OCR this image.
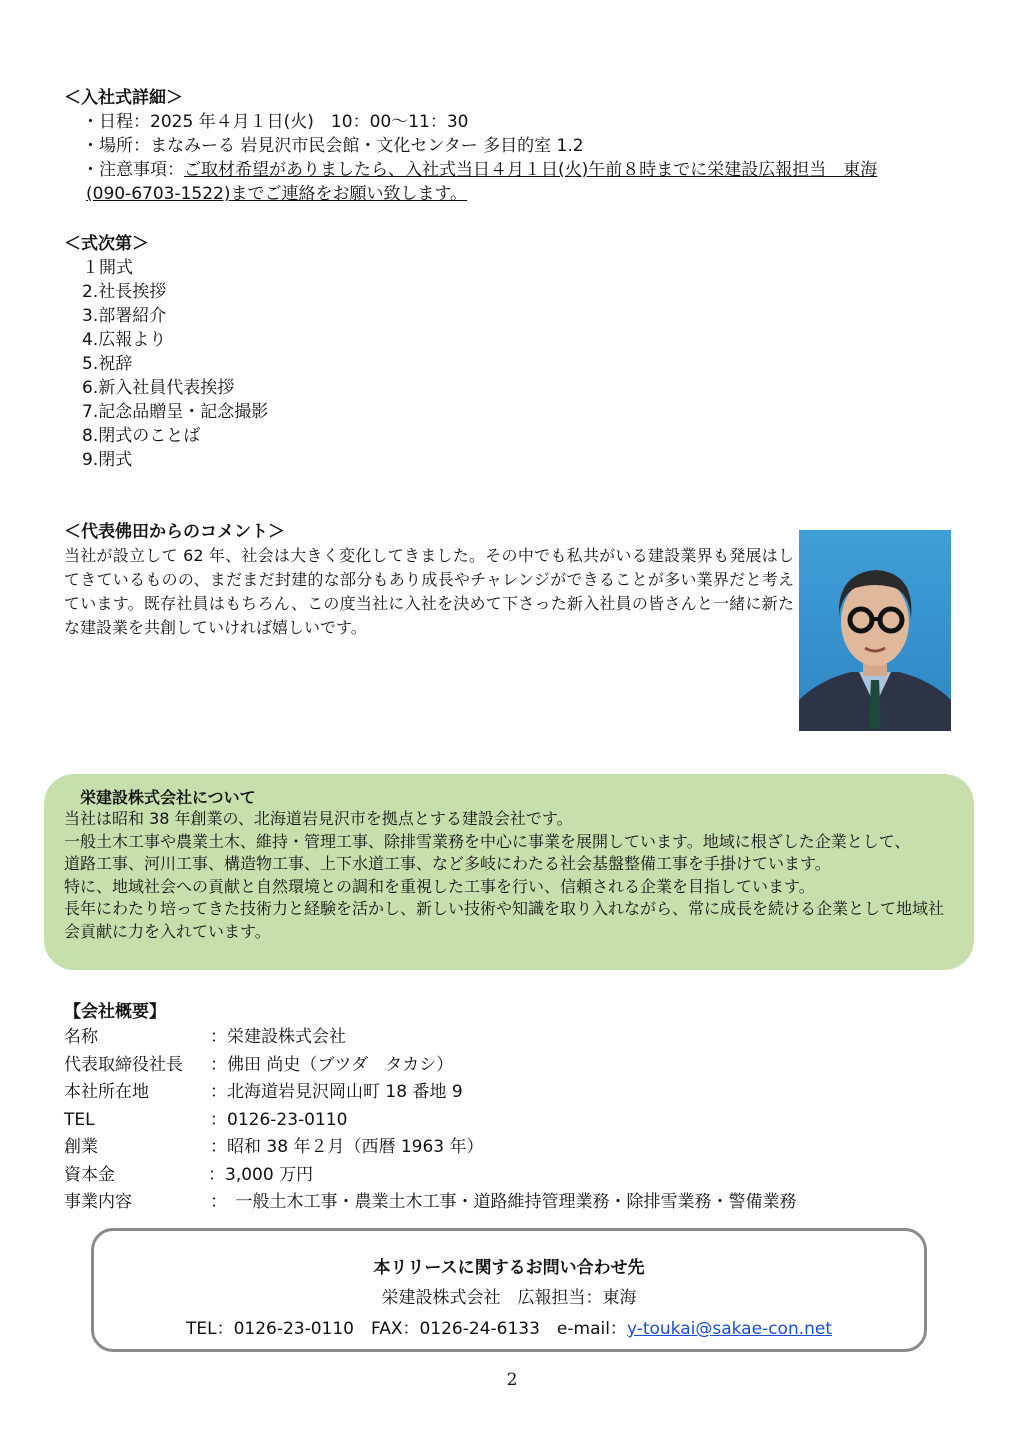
＜入社式詳細＞
・日程：2025 年４月１日(火)　10：00～11：30
・場所：まなみーる 岩見沢市民会館・文化センター 多目的室 1.2
・注意事項：ご取材希望がありましたら、入社式当日４月１日(火)午前８時までに栄建設広報担当　東海
(090-6703-1522)までご連絡をお願い致します。
＜式次第＞
１開式
2.社長挨拶
3.部署紹介
4.広報より
5.祝辞
6.新入社員代表挨拶
7.記念品贈呈・記念撮影
8.閉式のことば
9.閉式
＜代表佛田からのコメント＞
当社が設立して 62 年、社会は大きく変化してきました。その中でも私共がいる建設業界も発展はしてきているものの、まだまだ封建的な部分もあり成長やチャレンジができることが多い業界だと考えています。既存社員はもちろん、この度当社に入社を決めて下さった新入社員の皆さんと一緒に新たな建設業を共創していければ嬉しいです。
栄建設株式会社について
当社は昭和 38 年創業の、北海道岩見沢市を拠点とする建設会社です。
一般土木工事や農業土木、維持・管理工事、除排雪業務を中心に事業を展開しています。地域に根ざした企業として、
道路工事、河川工事、構造物工事、上下水道工事、など多岐にわたる社会基盤整備工事を手掛けています。
特に、地域社会への貢献と自然環境との調和を重視した工事を行い、信頼される企業を目指しています。
長年にわたり培ってきた技術力と経験を活かし、新しい技術や知識を取り入れながら、常に成長を続ける企業として地域社
会貢献に力を入れています。
【会社概要】
名称	：栄建設株式会社
代表取締役社長	：佛田 尚史（ブツダ　タカシ）
本社所在地	：北海道岩見沢岡山町 18 番地 9
TEL	：0126-23-0110
創業	：昭和 38 年２月（西暦 1963 年）
資本金	：3,000 万円
事業内容	：　一般土木工事・農業土木工事・道路維持管理業務・除排雪業務・警備業務
本リリースに関するお問い合わせ先
栄建設株式会社　広報担当：東海
TEL：0126-23-0110　FAX：0126-24-6133　e-mail：y-toukai@sakae-con.net
2
